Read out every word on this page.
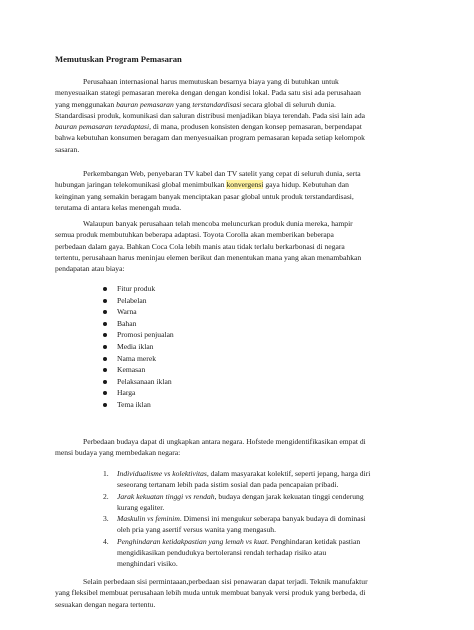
Memutuskan Program Pemasaran
Perusahaan internasional harus memutuskan besarnya biaya yang di butuhkan untuk
menyesuaikan stategi pemasaran mereka dengan dengan kondisi lokal. Pada satu sisi ada perusahaan
yang menggunakan bauran pemasaran yang terstandardisasi secara global di seluruh dunia.
Standardisasi produk, komunikasi dan saluran distribusi menjadikan biaya terendah. Pada sisi lain ada
bauran pemasaran teradaptasi, di mana, produsen konsisten dengan konsep pemasaran, berpendapat
bahwa kebutuhan konsumen beragam dan menyesuaikan program pemasaran kepada setiap kelompok
sasaran.
Perkembangan Web, penyebaran TV kabel dan TV satelit yang cepat di seluruh dunia, serta
hubungan jaringan telekomunikasi global menimbulkan konvergensi gaya hidup. Kebutuhan dan
keinginan yang semakin beragam banyak menciptakan pasar global untuk produk terstandardisasi,
terutama di antara kelas menengah muda.
Walaupun banyak perusahaan telah mencoba meluncurkan produk dunia mereka, hampir
semua produk membutuhkan beberapa adaptasi. Toyota Corolla akan memberikan beberapa
perbedaan dalam gaya. Bahkan Coca Cola lebih manis atau tidak terlalu berkarbonasi di negara
tertentu, perusahaan harus meninjau elemen berikut dan menentukan mana yang akan menambahkan
pendapatan atau biaya:
Fitur produk
Pelabelan
Warna
Bahan
Promosi penjualan
Media iklan
Nama merek
Kemasan
Pelaksanaan iklan
Harga
Tema iklan
Perbedaan budaya dapat di ungkapkan antara negara. Hofstede mengidentifikasikan empat di
mensi budaya yang membedakan negara:
1. Individualisme vs kolektivitas, dalam masyarakat kolektif, seperti jepang, harga diri
seseorang tertanam lebih pada sistim sosial dan pada pencapaian pribadi.
2. Jarak kekuatan tinggi vs rendah, budaya dengan jarak kekuatan tinggi cenderung
kurang egaliter.
3. Maskulin vs feminim. Dimensi ini mengukur seberapa banyak budaya di dominasi
oleh pria yang asertif versus wanita yang mengasuh.
4. Penghindaran ketidakpastian yang lemah vs kuat. Penghindaran ketidak pastian
mengidikasikan pendudukya bertoleransi rendah terhadap risiko atau
menghindari visiko.
Selain perbedaan sisi permintaaan,perbedaan sisi penawaran dapat terjadi. Teknik manufaktur
yang fleksibel membuat perusahaan lebih muda untuk membuat banyak versi produk yang berbeda, di
sesuakan dengan negara tertentu.
